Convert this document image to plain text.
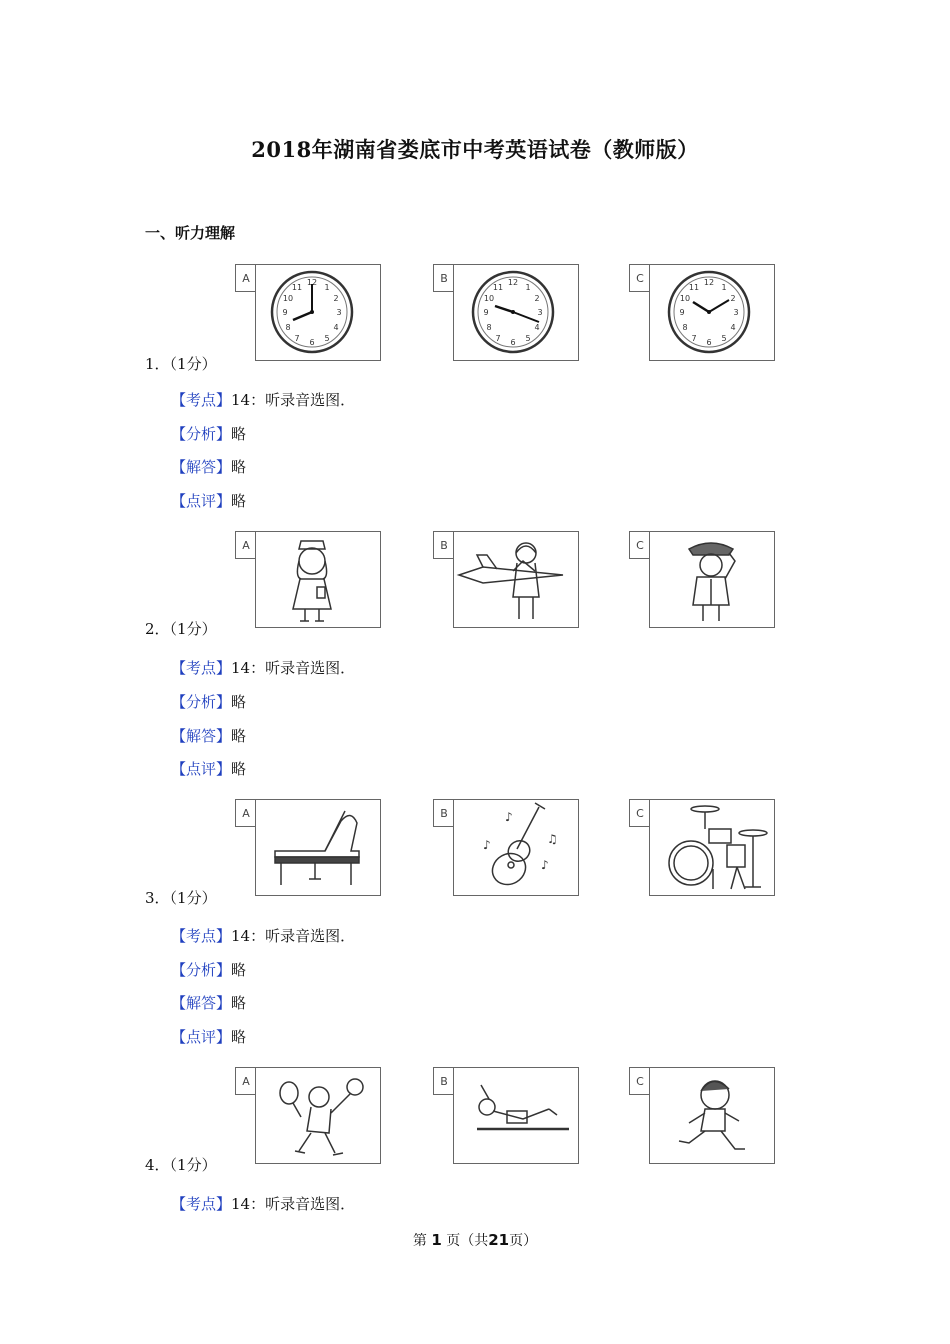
2018年湖南省娄底市中考英语试卷（教师版）
一、听力理解
A	12
3
6
9
1
2
4
5
7
8
10
11
B	12
3
6
9
1
2
4
5
7
8
10
11
C	12
3
6
9
1
2
4
5
7
8
10
11
1．（1分）
【考点】14：听录音选图．
【分析】略
【解答】略
【点评】略
A	B	C
2．（1分）
【考点】14：听录音选图．
【分析】略
【解答】略
【点评】略
A	B
♪	♫
♪
♪	C
3．（1分）
【考点】14：听录音选图．
【分析】略
【解答】略
【点评】略
A	B	C
4．（1分）
【考点】14：听录音选图．
第 1 页（共21页）
